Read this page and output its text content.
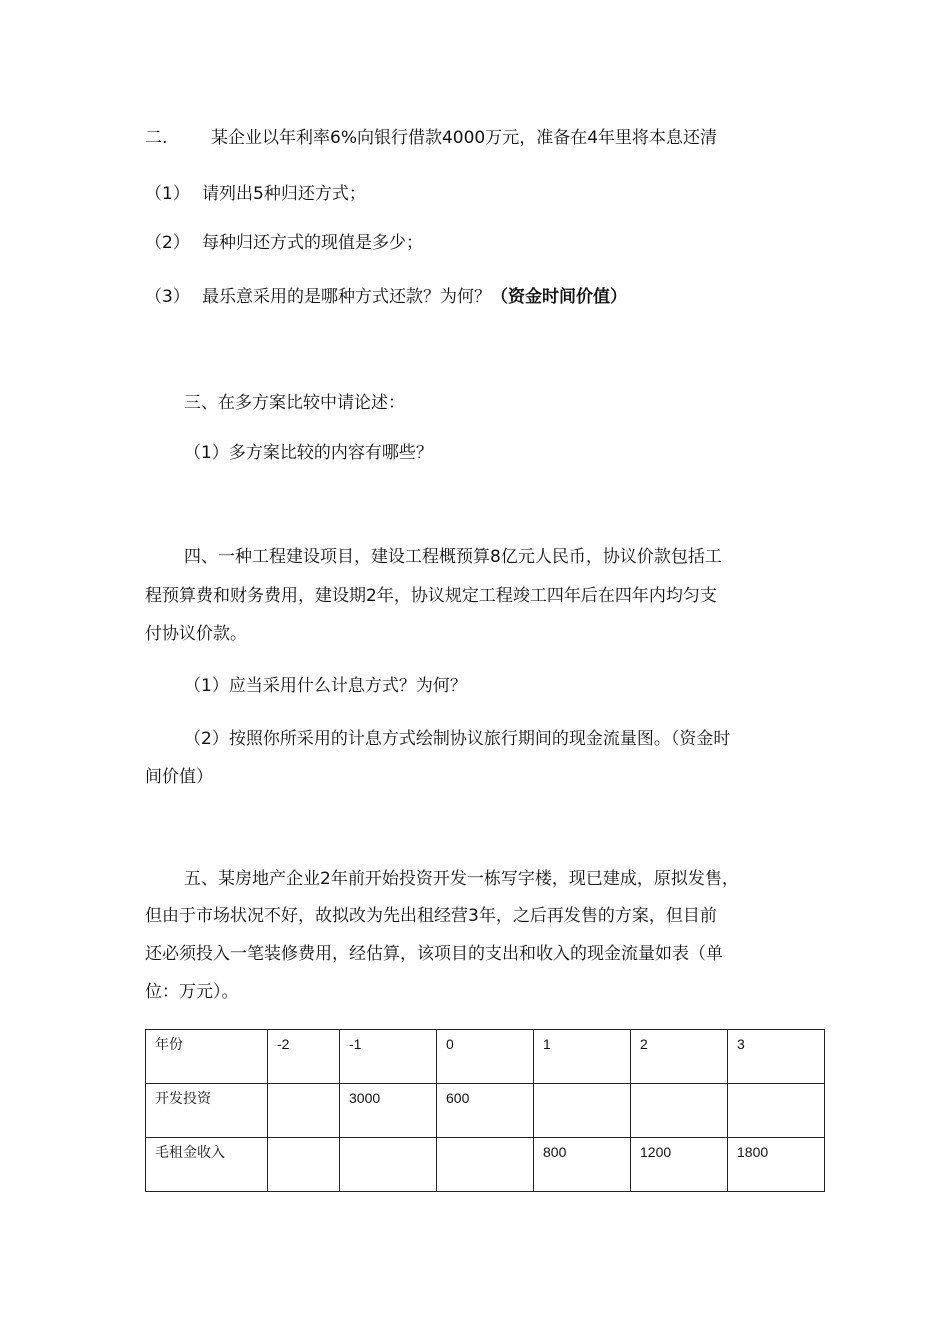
二.	某企业以年利率6%向银行借款4000万元，准备在4年里将本息还清
（1） 请列出5种归还方式；
（2） 每种归还方式的现值是多少；
（3） 最乐意采用的是哪种方式还款？为何？（资金时间价值）
三、在多方案比较中请论述：
（1）多方案比较的内容有哪些？
四、一种工程建设项目，建设工程概预算8亿元人民币，协议价款包括工
程预算费和财务费用，建设期2年，协议规定工程竣工四年后在四年内均匀支
付协议价款。
（1）应当采用什么计息方式？为何？
（2）按照你所采用的计息方式绘制协议旅行期间的现金流量图。（资金时
间价值）
五、某房地产企业2年前开始投资开发一栋写字楼，现已建成，原拟发售，
但由于市场状况不好，故拟改为先出租经营3年，之后再发售的方案，但目前
还必须投入一笔装修费用，经估算，该项目的支出和收入的现金流量如表（单
位：万元）。
年份	-2	-1	0	1	2	3
开发投资		3000	600			
毛租金收入				800	1200	1800
